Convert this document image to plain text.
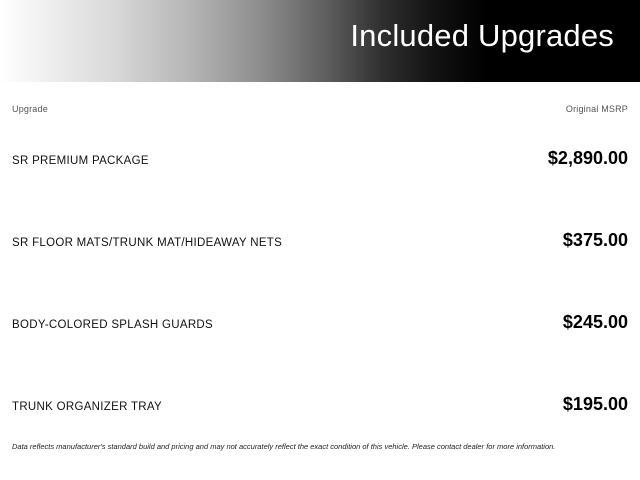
Included Upgrades
Upgrade	Original MSRP
SR PREMIUM PACKAGE	$2,890.00
SR FLOOR MATS/TRUNK MAT/HIDEAWAY NETS	$375.00
BODY-COLORED SPLASH GUARDS	$245.00
TRUNK ORGANIZER TRAY	$195.00
Data reflects manufacturer's standard build and pricing and may not accurately reflect the exact condition of this vehicle. Please contact dealer for more information.
